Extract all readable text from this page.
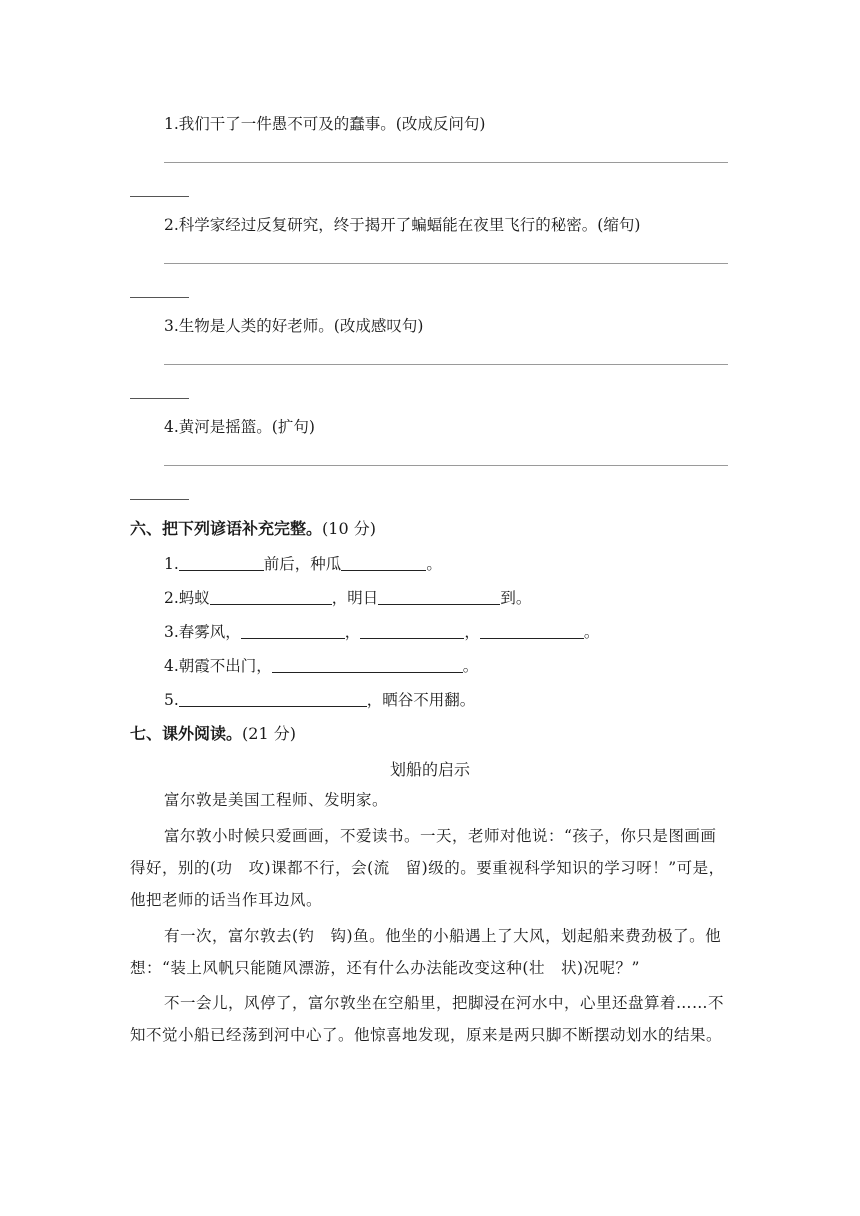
1.我们干了一件愚不可及的蠢事。(改成反问句)
2.科学家经过反复研究，终于揭开了蝙蝠能在夜里飞行的秘密。(缩句)
3.生物是人类的好老师。(改成感叹句)
4.黄河是摇篮。(扩句)
六、把下列谚语补充完整。(10 分)
1.	前后，种瓜	。
2.蚂蚁	，明日	到。
3.春雾风，	，	，	。
4.朝霞不出门，	。
5.	，晒谷不用翻。
七、课外阅读。(21 分)
划船的启示
富尔敦是美国工程师、发明家。
富尔敦小时候只爱画画，不爱读书。一天，老师对他说：“孩子，你只是图画画得好，别的(功　攻)课都不行，会(流　留)级的。要重视科学知识的学习呀！”可是，他把老师的话当作耳边风。
有一次，富尔敦去(钓　钩)鱼。他坐的小船遇上了大风，划起船来费劲极了。他想：“装上风帆只能随风漂游，还有什么办法能改变这种(壮　状)况呢？”
不一会儿，风停了，富尔敦坐在空船里，把脚浸在河水中，心里还盘算着……不知不觉小船已经荡到河中心了。他惊喜地发现，原来是两只脚不断摆动划水的结果。
